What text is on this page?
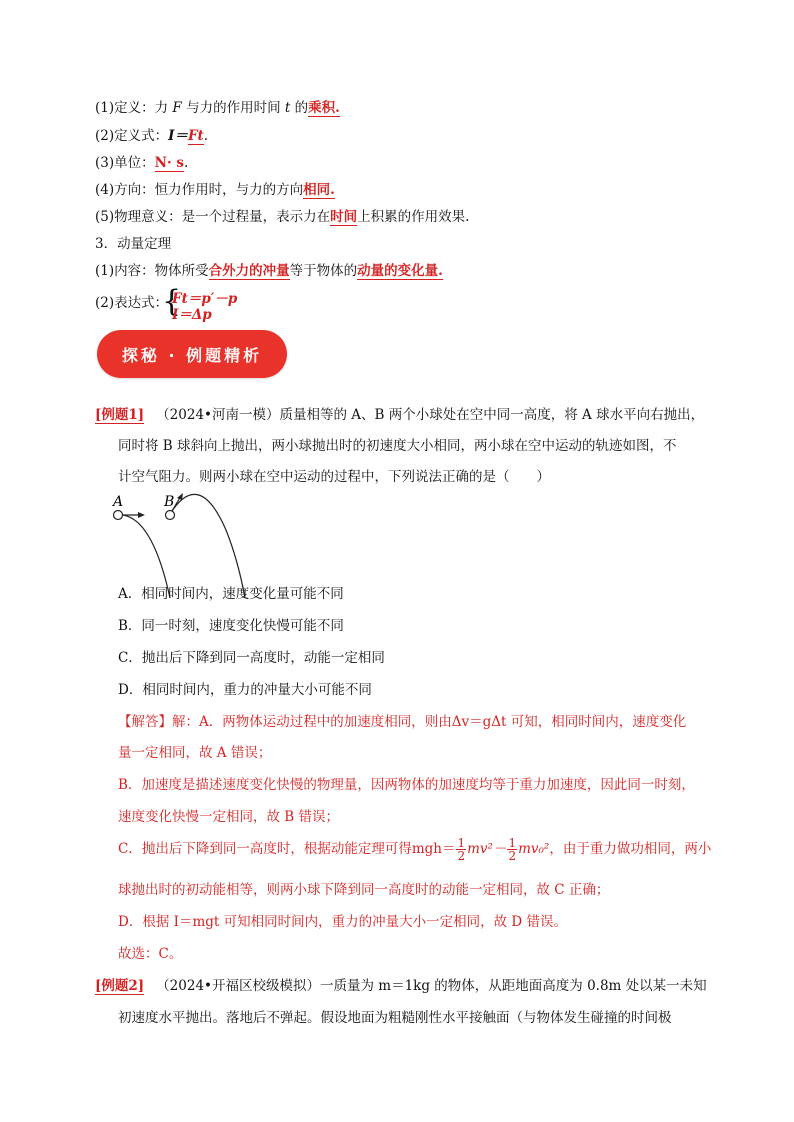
(1)定义：力 F 与力的作用时间 t 的乘积.
(2)定义式：I＝Ft.
(3)单位：N· s.
(4)方向：恒力作用时，与力的方向相同.
(5)物理意义：是一个过程量，表示力在时间上积累的作用效果.
3．动量定理
(1)内容：物体所受合外力的冲量等于物体的动量的变化量.
(2)表达式：
{
Ft＝p′－p
I＝Δp
探秘 · 例题精析
[例题1] （2024•河南一模）质量相等的 A、B 两个小球处在空中同一高度，将 A 球水平向右抛出，
同时将 B 球斜向上抛出，两小球抛出时的初速度大小相同，两小球在空中运动的轨迹如图，不
计空气阻力。则两小球在空中运动的过程中，下列说法正确的是（　　）
A	B
A．相同时间内，速度变化量可能不同
B．同一时刻，速度变化快慢可能不同
C．抛出后下降到同一高度时，动能一定相同
D．相同时间内，重力的冲量大小可能不同
【解答】解：A．两物体运动过程中的加速度相同，则由Δv＝gΔt 可知，相同时间内，速度变化
量一定相同，故 A 错误；
B．加速度是描述速度变化快慢的物理量，因两物体的加速度均等于重力加速度，因此同一时刻，
速度变化快慢一定相同，故 B 错误；
C．抛出后下降到同一高度时，根据动能定理可得$mgh= \frac{1}{2} mv^2- \frac{1}{2} mv_0^2$，由于重力做功相同，两小
球抛出时的初动能相等，则两小球下降到同一高度时的动能一定相同，故 C 正确；
D．根据 I＝mgt 可知相同时间内，重力的冲量大小一定相同，故 D 错误。
故选：C。
[例题2] （2024•开福区校级模拟）一质量为 m＝1kg 的物体，从距地面高度为 0.8m 处以某一未知
初速度水平抛出。落地后不弹起。假设地面为粗糙刚性水平接触面（与物体发生碰撞的时间极
